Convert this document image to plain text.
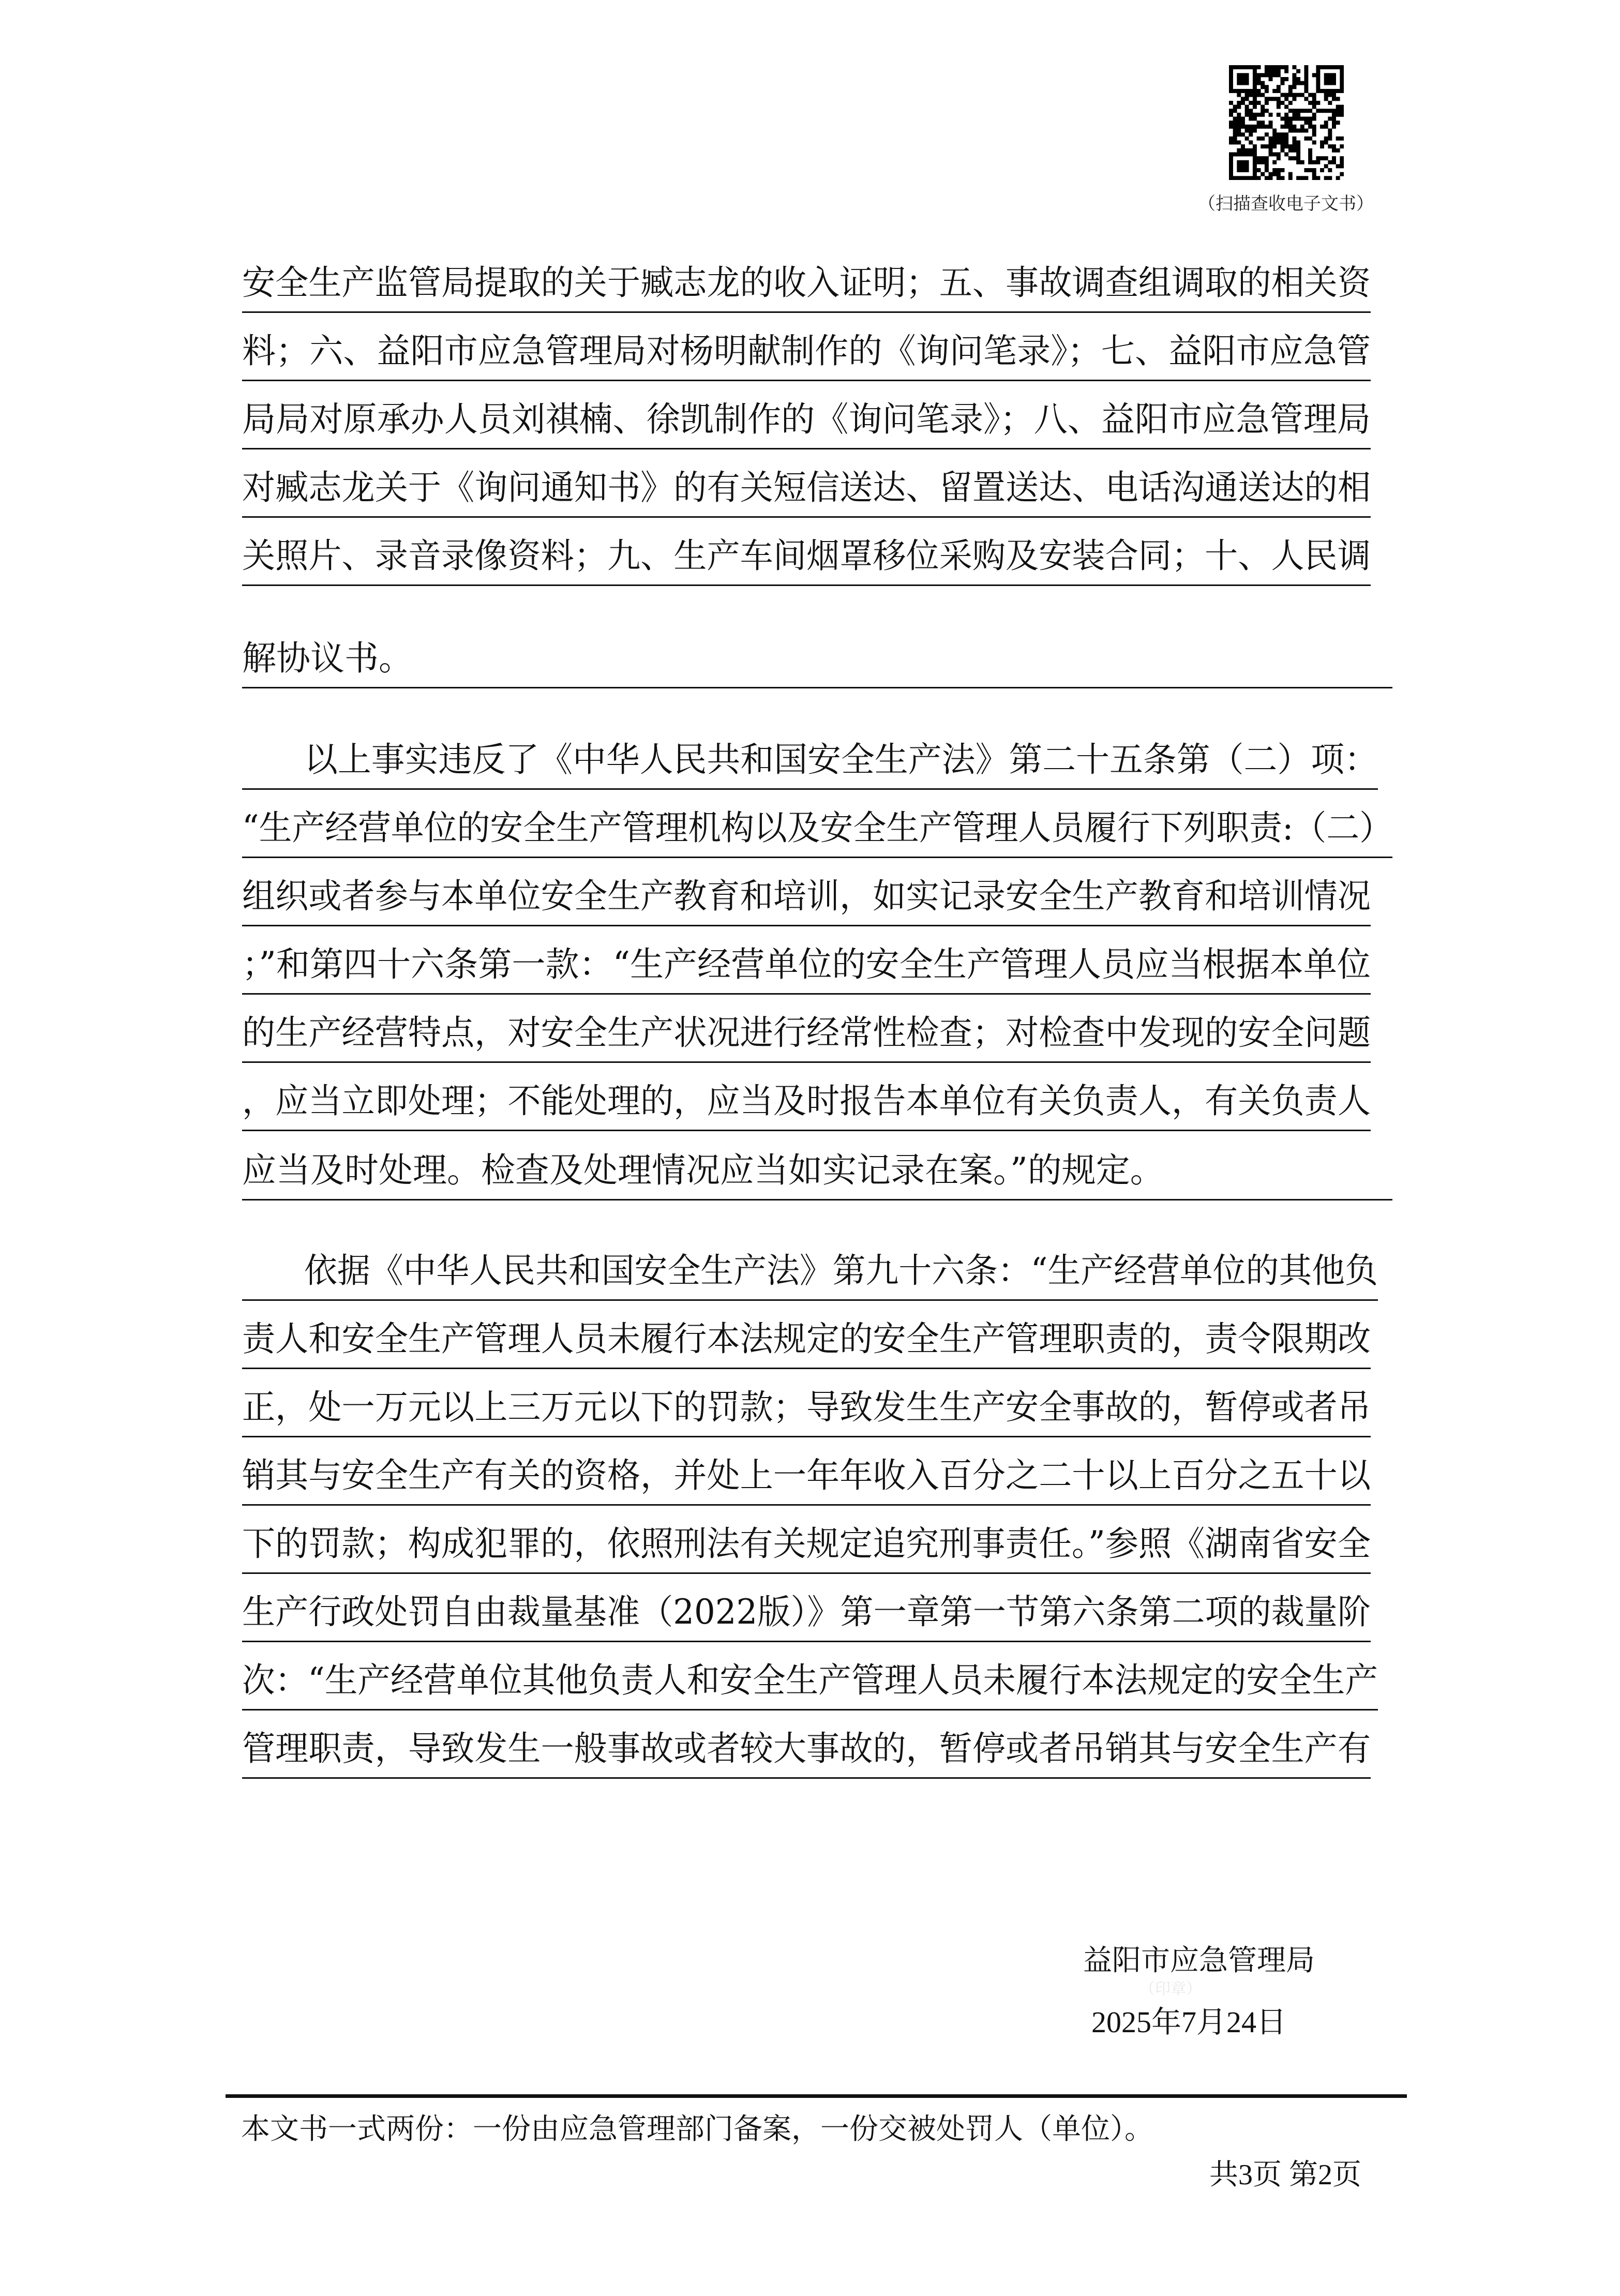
（扫描查收电子文书）
安全生产监管局提取的关于臧志龙的收入证明；五、事故调查组调取的相关资
料；六、益阳市应急管理局对杨明献制作的《询问笔录》；七、益阳市应急管
局局对原承办人员刘祺楠、徐凯制作的《询问笔录》；八、益阳市应急管理局
对臧志龙关于《询问通知书》的有关短信送达、留置送达、电话沟通送达的相
关照片、录音录像资料；九、生产车间烟罩移位采购及安装合同；十、人民调
解协议书。
以上事实违反了《中华人民共和国安全生产法》第二十五条第（二）项：
“生产经营单位的安全生产管理机构以及安全生产管理人员履行下列职责:（二）
组织或者参与本单位安全生产教育和培训，如实记录安全生产教育和培训情况
；”和第四十六条第一款：“生产经营单位的安全生产管理人员应当根据本单位
的生产经营特点，对安全生产状况进行经常性检查；对检查中发现的安全问题
，应当立即处理；不能处理的，应当及时报告本单位有关负责人，有关负责人
应当及时处理。检查及处理情况应当如实记录在案。”的规定。
依据《中华人民共和国安全生产法》第九十六条：“生产经营单位的其他负
责人和安全生产管理人员未履行本法规定的安全生产管理职责的，责令限期改
正，处一万元以上三万元以下的罚款；导致发生生产安全事故的，暂停或者吊
销其与安全生产有关的资格，并处上一年年收入百分之二十以上百分之五十以
下的罚款；构成犯罪的，依照刑法有关规定追究刑事责任。”参照《湖南省安全
生产行政处罚自由裁量基准（2022版）》第一章第一节第六条第二项的裁量阶
次：“生产经营单位其他负责人和安全生产管理人员未履行本法规定的安全生产
管理职责，导致发生一般事故或者较大事故的，暂停或者吊销其与安全生产有
益阳市应急管理局
（印章）
2025年7月24日
本文书一式两份：一份由应急管理部门备案，一份交被处罚人（单位）。
共3页 第2页
